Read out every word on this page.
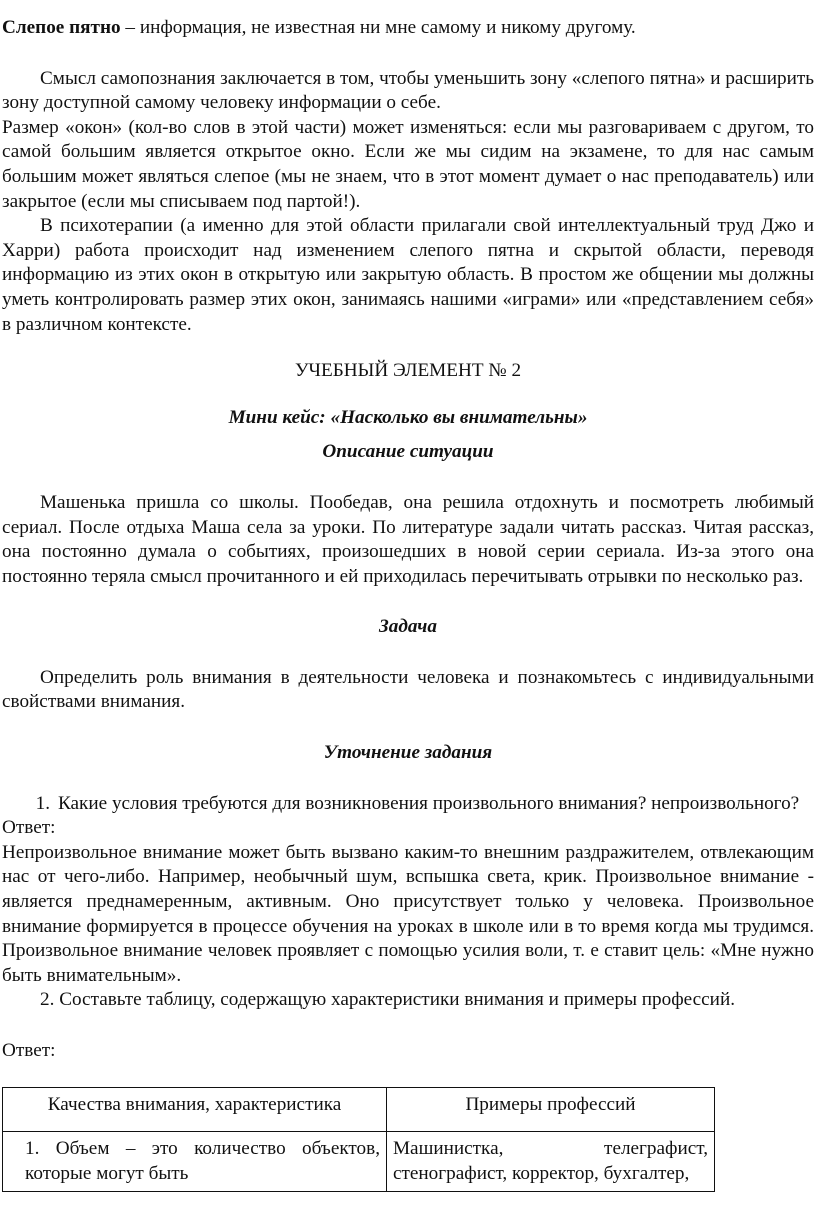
Слепое пятно – информация, не известная ни мне самому и никому другому.

Смысл самопознания заключается в том, чтобы уменьшить зону «слепого пятна» и расширить зону доступной самому человеку информации о себе.

Размер «окон» (кол-во слов в этой части) может изменяться: если мы разговариваем с другом, то самой большим является открытое окно. Если же мы сидим на экзамене, то для нас самым большим может являться слепое (мы не знаем, что в этот момент думает о нас преподаватель) или закрытое (если мы списываем под партой!).

В психотерапии (а именно для этой области прилагали свой интеллектуальный труд Джо и Харри) работа происходит над изменением слепого пятна и скрытой области, переводя информацию из этих окон в открытую или закрытую область. В простом же общении мы должны уметь контролировать размер этих окон, занимаясь нашими «играми» или «представлением себя» в различном контексте.

УЧЕБНЫЙ ЭЛЕМЕНТ № 2

Мини кейс: «Насколько вы внимательны»

Описание ситуации

Машенька пришла со школы. Пообедав, она решила отдохнуть и посмотреть любимый сериал. После отдыха Маша села за уроки. По литературе задали читать рассказ. Читая рассказ, она постоянно думала о событиях, произошедших в новой серии сериала. Из-за этого она постоянно теряла смысл прочитанного и ей приходилась перечитывать отрывки по несколько раз.

Задача

Определить роль внимания в деятельности человека и познакомьтесь с индивидуальными свойствами внимания.

Уточнение задания

1. Какие условия требуются для возникновения произвольного внимания? непроизвольного?

Ответ:

Непроизвольное внимание может быть вызвано каким-то внешним раздражителем, отвлекающим нас от чего-либо. Например, необычный шум, вспышка света, крик. Произвольное внимание - является преднамеренным, активным. Оно присутствует только у человека. Произвольное внимание формируется в процессе обучения на уроках в школе или в то время когда мы трудимся. Произвольное внимание человек проявляет с помощью усилия воли, т. е ставит цель: «Мне нужно быть внимательным».

2. Составьте таблицу, содержащую характеристики внимания и примеры профессий.

Ответ:

Качества внимания, характеристика	Примеры профессий
1. Объем – это количество объектов, которые могут быть	Машинистка, телеграфист, стенографист, корректор, бухгалтер,
